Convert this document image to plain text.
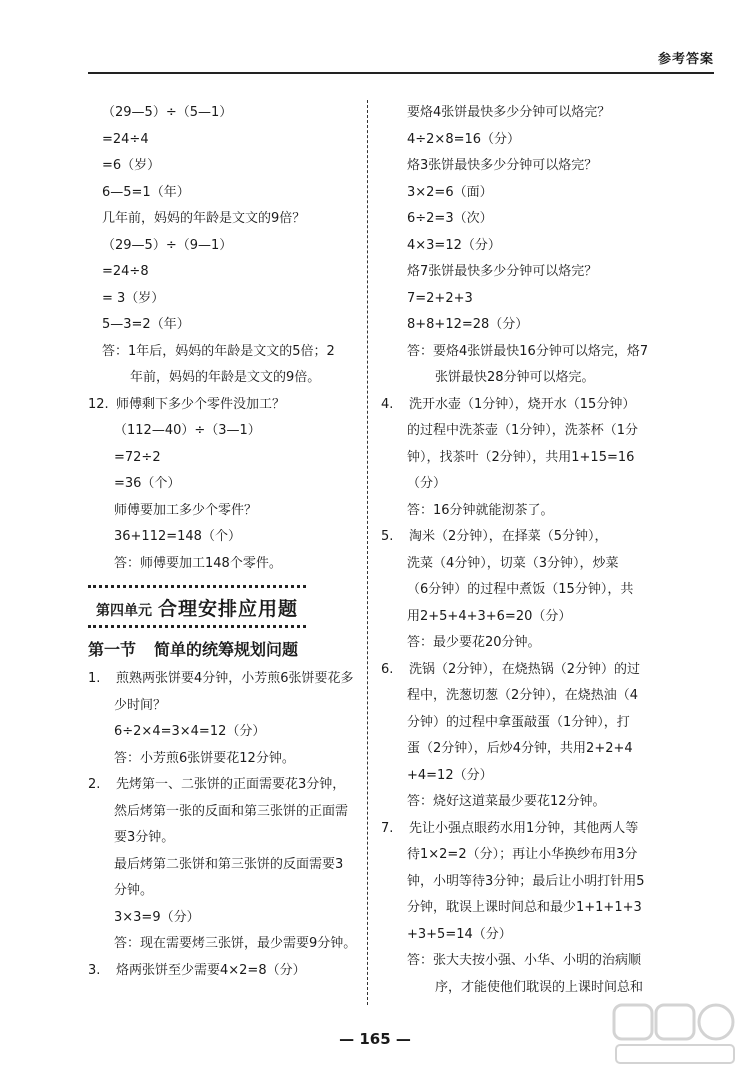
参考答案
（29—5）÷（5—1）
=24÷4
=6（岁）
6—5=1（年）
几年前，妈妈的年龄是文文的9倍？
（29—5）÷（9—1）
=24÷8
= 3（岁）
5—3=2（年）
答：1年后，妈妈的年龄是文文的5倍；2
年前，妈妈的年龄是文文的9倍。
12. 师傅剩下多少个零件没加工？
（112—40）÷（3—1）
=72÷2
=36（个）
师傅要加工多少个零件？
36+112=148（个）
答：师傅要加工148个零件。
第四单元 合理安排应用题
第一节 简单的统筹规划问题
1. 煎熟两张饼要4分钟，小芳煎6张饼要花多
少时间？
6÷2×4=3×4=12（分）
答：小芳煎6张饼要花12分钟。
2. 先烤第一、二张饼的正面需要花3分钟，
然后烤第一张的反面和第三张饼的正面需
要3分钟。
最后烤第二张饼和第三张饼的反面需要3
分钟。
3×3=9（分）
答：现在需要烤三张饼，最少需要9分钟。
3. 烙两张饼至少需要4×2=8（分）
要烙4张饼最快多少分钟可以烙完？
4÷2×8=16（分）
烙3张饼最快多少分钟可以烙完？
3×2=6（面）
6÷2=3（次）
4×3=12（分）
烙7张饼最快多少分钟可以烙完？
7=2+2+3
8+8+12=28（分）
答：要烙4张饼最快16分钟可以烙完，烙7
张饼最快28分钟可以烙完。
4. 洗开水壶（1分钟），烧开水（15分钟）
的过程中洗茶壶（1分钟），洗茶杯（1分
钟），找茶叶（2分钟），共用1+15=16
（分）
答：16分钟就能沏茶了。
5. 淘米（2分钟），在择菜（5分钟），
洗菜（4分钟），切菜（3分钟），炒菜
（6分钟）的过程中煮饭（15分钟），共
用2+5+4+3+6=20（分）
答：最少要花20分钟。
6. 洗锅（2分钟），在烧热锅（2分钟）的过
程中，洗葱切葱（2分钟），在烧热油（4
分钟）的过程中拿蛋敲蛋（1分钟），打
蛋（2分钟），后炒4分钟，共用2+2+4
+4=12（分）
答：烧好这道菜最少要花12分钟。
7. 先让小强点眼药水用1分钟，其他两人等
待1×2=2（分）；再让小华换纱布用3分
钟，小明等待3分钟；最后让小明打针用5
分钟，耽误上课时间总和最少1+1+1+3
+3+5=14（分）
答：张大夫按小强、小华、小明的治病顺
序，才能使他们耽误的上课时间总和
— 165 —
